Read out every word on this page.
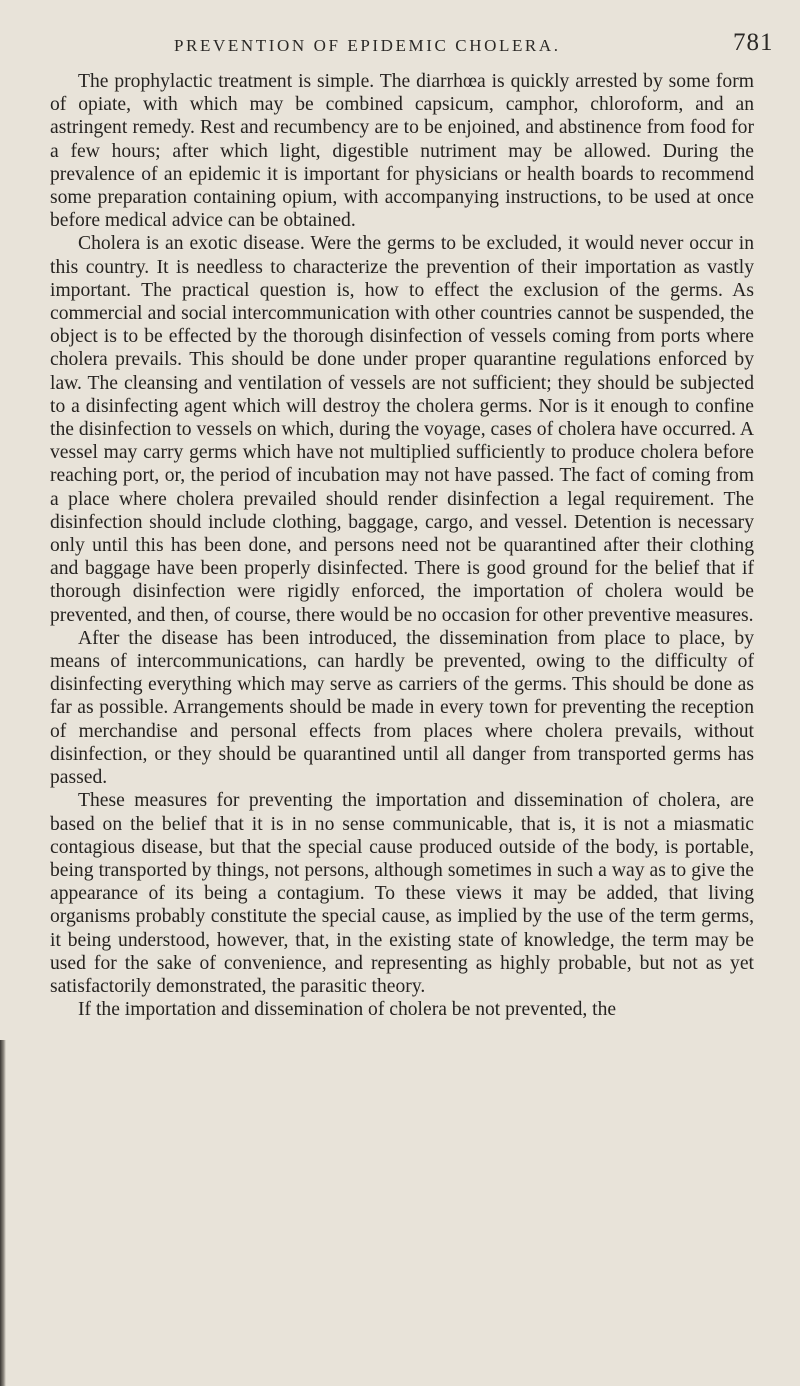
PREVENTION OF EPIDEMIC CHOLERA.	781

The prophylactic treatment is simple. The diarrhœa is quickly arrested by some form of opiate, with which may be combined capsicum, camphor, chloroform, and an astringent remedy. Rest and recumbency are to be enjoined, and abstinence from food for a few hours; after which light, digestible nutriment may be allowed. During the prevalence of an epidemic it is important for physicians or health boards to recommend some preparation containing opium, with accompanying instructions, to be used at once before medical advice can be obtained.

Cholera is an exotic disease. Were the germs to be excluded, it would never occur in this country. It is needless to characterize the prevention of their importation as vastly important. The practical question is, how to effect the exclusion of the germs. As commercial and social intercommunication with other countries cannot be suspended, the object is to be effected by the thorough disinfection of vessels coming from ports where cholera prevails. This should be done under proper quarantine regulations enforced by law. The cleansing and ventilation of vessels are not sufficient; they should be subjected to a disinfecting agent which will destroy the cholera germs. Nor is it enough to confine the disinfection to vessels on which, during the voyage, cases of cholera have occurred. A vessel may carry germs which have not multiplied sufficiently to produce cholera before reaching port, or, the period of incubation may not have passed. The fact of coming from a place where cholera prevailed should render disinfection a legal requirement. The disinfection should include clothing, baggage, cargo, and vessel. Detention is necessary only until this has been done, and persons need not be quarantined after their clothing and baggage have been properly disinfected. There is good ground for the belief that if thorough disinfection were rigidly enforced, the importation of cholera would be prevented, and then, of course, there would be no occasion for other preventive measures.

After the disease has been introduced, the dissemination from place to place, by means of intercommunications, can hardly be prevented, owing to the difficulty of disinfecting everything which may serve as carriers of the germs. This should be done as far as possible. Arrangements should be made in every town for preventing the reception of merchandise and personal effects from places where cholera prevails, without disinfection, or they should be quarantined until all danger from transported germs has passed.

These measures for preventing the importation and dissemination of cholera, are based on the belief that it is in no sense communicable, that is, it is not a miasmatic contagious disease, but that the special cause produced outside of the body, is portable, being transported by things, not persons, although sometimes in such a way as to give the appearance of its being a contagium. To these views it may be added, that living organisms probably constitute the special cause, as implied by the use of the term germs, it being understood, however, that, in the existing state of knowledge, the term may be used for the sake of convenience, and representing as highly probable, but not as yet satisfactorily demonstrated, the parasitic theory.

If the importation and dissemination of cholera be not prevented, the
